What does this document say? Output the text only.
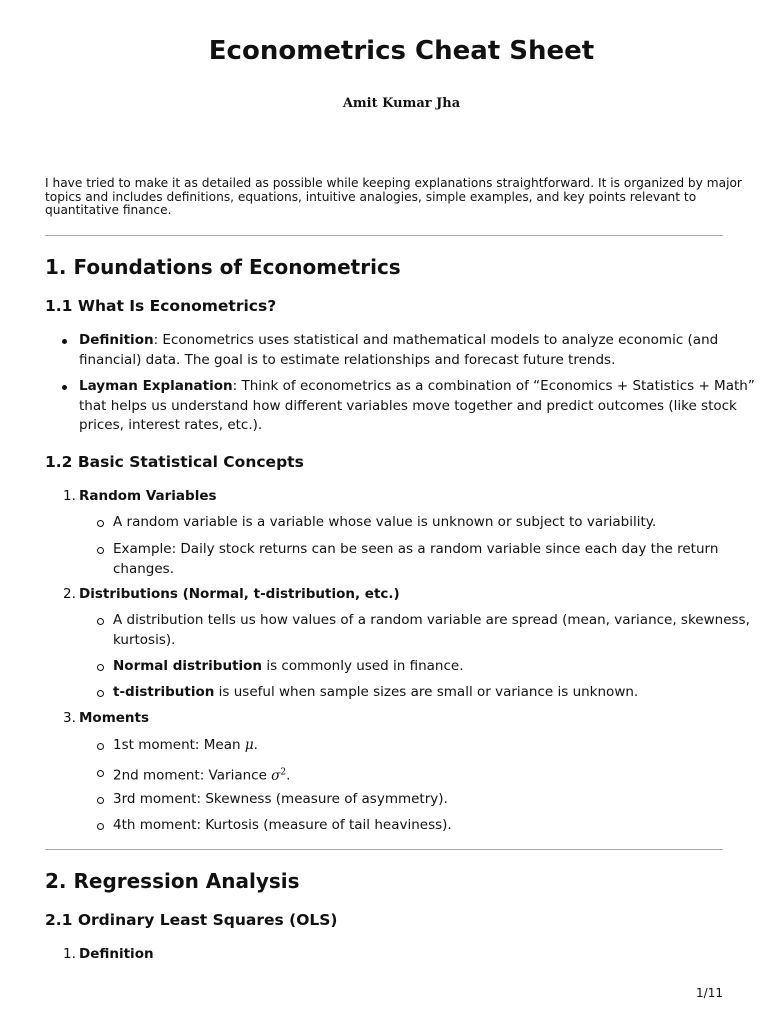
Econometrics Cheat Sheet
Amit Kumar Jha

I have tried to make it as detailed as possible while keeping explanations straightforward. It is organized by major topics and includes definitions, equations, intuitive analogies, simple examples, and key points relevant to quantitative finance.

1. Foundations of Econometrics
1.1 What Is Econometrics?
Definition: Econometrics uses statistical and mathematical models to analyze economic (and
financial) data. The goal is to estimate relationships and forecast future trends.
Layman Explanation: Think of econometrics as a combination of “Economics + Statistics + Math”
that helps us understand how different variables move together and predict outcomes (like stock
prices, interest rates, etc.).
1.2 Basic Statistical Concepts
1. Random Variables
A random variable is a variable whose value is unknown or subject to variability.
Example: Daily stock returns can be seen as a random variable since each day the return
changes.
2. Distributions (Normal, t-distribution, etc.)
A distribution tells us how values of a random variable are spread (mean, variance, skewness,
kurtosis).
Normal distribution is commonly used in finance.
t-distribution is useful when sample sizes are small or variance is unknown.
3. Moments
1st moment: Mean μ.
2nd moment: Variance $\sigma^2$.
3rd moment: Skewness (measure of asymmetry).
4th moment: Kurtosis (measure of tail heaviness).
2. Regression Analysis
2.1 Ordinary Least Squares (OLS)
1. Definition
1/11
